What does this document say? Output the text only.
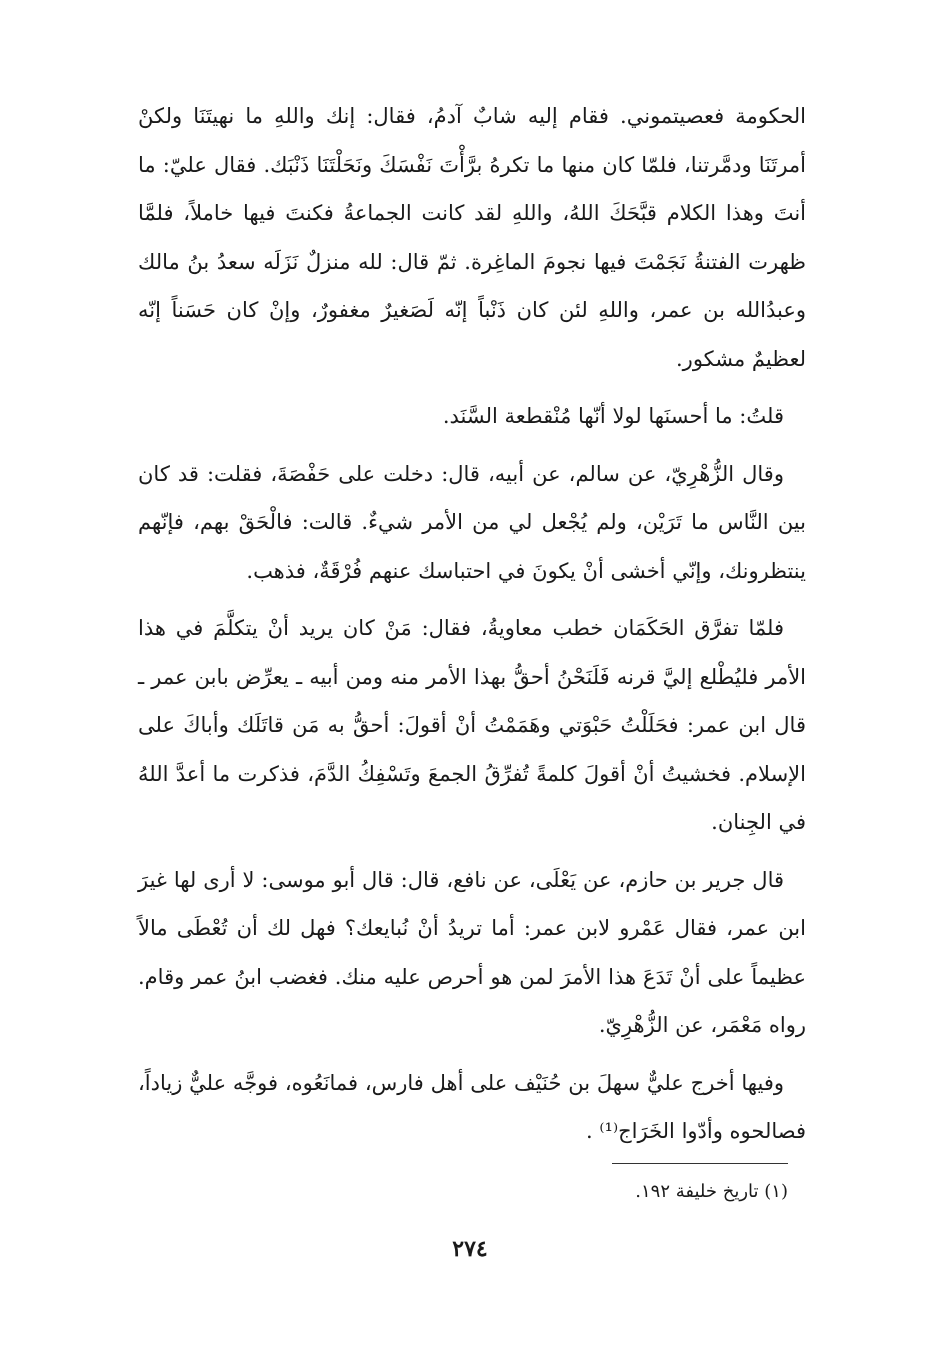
الحكومة فعصيتموني. فقام إليه شابٌ آدمُ، فقال: إنك واللهِ ما نهيتَنَا ولكنْ أمرتَنَا ودمَّرتنا، فلمّا كان منها ما تكرهُ برَّأْتَ نَفْسَكَ ونَحَلْتَنَا ذَنْبَك. فقال عليّ: ما أنتَ وهذا الكلام قبَّحَكَ اللهُ، واللهِ لقد كانت الجماعةُ فكنتَ فيها خاملاً، فلمَّا ظهرت الفتنةُ نَجَمْتَ فيها نجومَ الماغِرة. ثمّ قال: لله منزلٌ نَزَلَه سعدُ بنُ مالك وعبدُالله بن عمر، واللهِ لئن كان ذَنْباً إنّه لَصَغيرٌ مغفورٌ، وإنْ كان حَسَناً إنّه لعظيمٌ مشكور.

قلتُ: ما أحسنَها لولا أنّها مُنْقطعة السَّنَد.

وقال الزُّهْرِيّ، عن سالم، عن أبيه، قال: دخلت على حَفْصَةَ، فقلت: قد كان بين النَّاس ما تَرَيْن، ولم يُجْعل لي من الأمر شيءٌ. قالت: فالْحَقْ بهم، فإنّهم ينتظرونك، وإنّي أخشى أنْ يكونَ في احتباسك عنهم فُرْقَةٌ، فذهب.

فلمّا تفرَّق الحَكَمَان خطب معاويةُ، فقال: مَنْ كان يريد أنْ يتكلَّمَ في هذا الأمر فليُطْلع إليَّ قرنه فَلَنَحْنُ أحقُّ بهذا الأمر منه ومن أبيه ـ يعرِّض بابن عمر ـ قال ابن عمر: فحَلَلْتُ حَبْوَتي وهَمَمْتُ أنْ أقولَ: أحقُّ به مَن قاتَلَك وأباكَ على الإسلام. فخشيتُ أنْ أقولَ كلمةً تُفرِّقُ الجمعَ وتَسْفِكُ الدَّمَ، فذكرت ما أعدَّ اللهُ في الجِنان.

قال جرير بن حازم، عن يَعْلَى، عن نافع، قال: قال أبو موسى: لا أرى لها غيرَ ابن عمر، فقال عَمْرو لابن عمر: أما تريدُ أنْ نُبايعك؟ فهل لك أن تُعْطَى مالاً عظيماً على أنْ تَدَعَ هذا الأمرَ لمن هو أحرص عليه منك. فغضب ابنُ عمر وقام. رواه مَعْمَر، عن الزُّهْرِيّ.

وفيها أخرج عليٌّ سهلَ بن حُنَيْف على أهل فارس، فمانَعُوه، فوجَّه عليٌّ زياداً، فصالحوه وأدّوا الخَرَاج⁽¹⁾ .

(١) تاريخ خليفة ١٩٢.
٢٧٤
